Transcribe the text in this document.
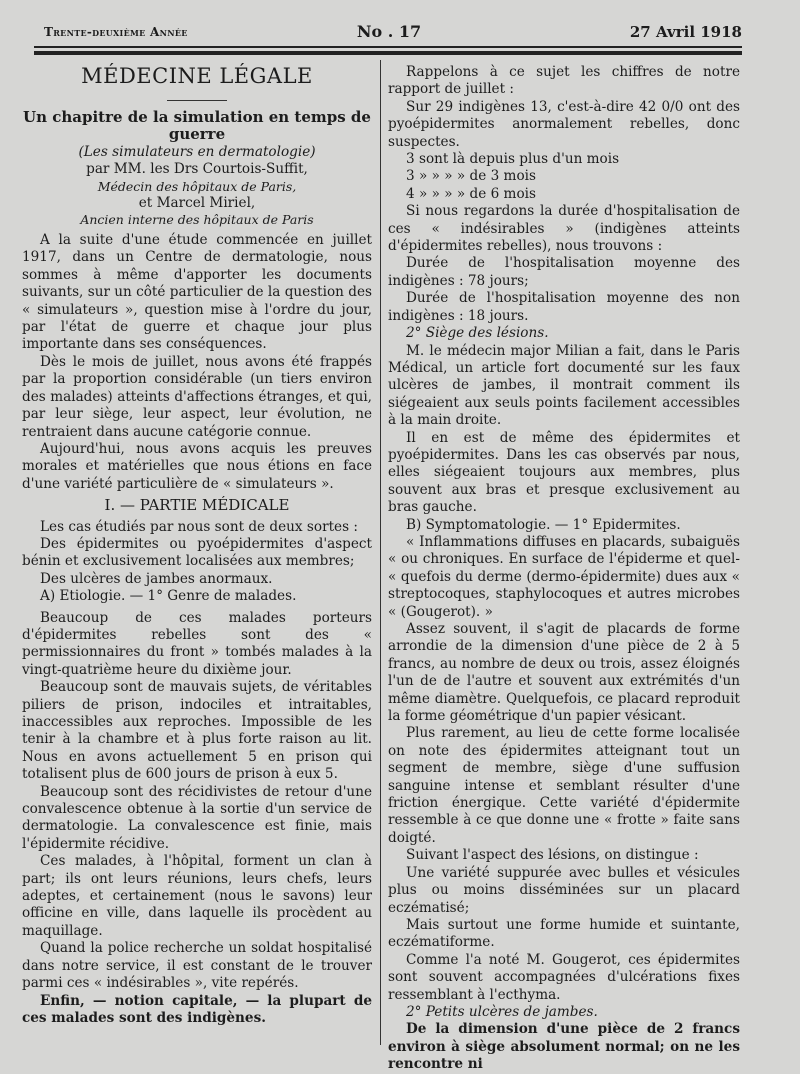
Trente-deuxième Année	No . 17	27 Avril 1918

MÉDECINE LÉGALE

Un chapitre de la simulation en temps de guerre

(Les simulateurs en dermatologie)

par MM. les Drs Courtois-Suffit,

Médecin des hôpitaux de Paris,

et Marcel Miriel,

Ancien interne des hôpitaux de Paris

A la suite d'une étude commencée en juillet 1917, dans un Centre de dermatologie, nous sommes à même d'apporter les documents suivants, sur un côté particulier de la question des « simulateurs », question mise à l'ordre du jour, par l'état de guerre et chaque jour plus importante dans ses conséquences.

Dès le mois de juillet, nous avons été frappés par la proportion considérable (un tiers environ des malades) atteints d'affections étranges, et qui, par leur siège, leur aspect, leur évolution, ne rentraient dans aucune catégorie connue.

Aujourd'hui, nous avons acquis les preuves morales et matérielles que nous étions en face d'une variété particulière de « simulateurs ».

I. — PARTIE MÉDICALE

Les cas étudiés par nous sont de deux sortes :

Des épidermites ou pyoépidermites d'aspect bénin et exclusivement localisées aux membres;

Des ulcères de jambes anormaux.

A) Etiologie. — 1° Genre de malades.

Beaucoup de ces malades porteurs d'épidermites rebelles sont des « permissionnaires du front » tombés malades à la vingt-quatrième heure du dixième jour.

Beaucoup sont de mauvais sujets, de véritables piliers de prison, indociles et intraitables, inaccessibles aux reproches. Impossible de les tenir à la chambre et à plus forte raison au lit. Nous en avons actuellement 5 en prison qui totalisent plus de 600 jours de prison à eux 5.

Beaucoup sont des récidivistes de retour d'une convalescence obtenue à la sortie d'un service de dermatologie. La convalescence est finie, mais l'épidermite récidive.

Ces malades, à l'hôpital, forment un clan à part; ils ont leurs réunions, leurs chefs, leurs adeptes, et certainement (nous le savons) leur officine en ville, dans laquelle ils procèdent au maquillage.

Quand la police recherche un soldat hospitalisé dans notre service, il est constant de le trouver parmi ces « indésirables », vite repérés.

Enfin, — notion capitale, — la plupart de ces malades sont des indigènes.

Rappelons à ce sujet les chiffres de notre rapport de juillet :

Sur 29 indigènes 13, c'est-à-dire 42 0/0 ont des pyoépidermites anormalement rebelles, donc suspectes.

3 sont là depuis plus d'un mois

3 » » » » de 3 mois

4 » » » » de 6 mois

Si nous regardons la durée d'hospitalisation de ces « indésirables » (indigènes atteints d'épidermites rebelles), nous trouvons :

Durée de l'hospitalisation moyenne des indigènes : 78 jours;

Durée de l'hospitalisation moyenne des non indigènes : 18 jours.

2° Siège des lésions.

M. le médecin major Milian a fait, dans le Paris Médical, un article fort documenté sur les faux ulcères de jambes, il montrait comment ils siégeaient aux seuls points facilement accessibles à la main droite.

Il en est de même des épidermites et pyoépidermites. Dans les cas observés par nous, elles siégeaient toujours aux membres, plus souvent aux bras et presque exclusivement au bras gauche.

B) Symptomatologie. — 1° Epidermites.

« Inflammations diffuses en placards, subaiguës « ou chroniques. En surface de l'épiderme et quel- « quefois du derme (dermo-épidermite) dues aux « streptocoques, staphylocoques et autres microbes « (Gougerot). »

Assez souvent, il s'agit de placards de forme arrondie de la dimension d'une pièce de 2 à 5 francs, au nombre de deux ou trois, assez éloignés l'un de de l'autre et souvent aux extrémités d'un même diamètre. Quelquefois, ce placard reproduit la forme géométrique d'un papier vésicant.

Plus rarement, au lieu de cette forme localisée on note des épidermites atteignant tout un segment de membre, siège d'une suffusion sanguine intense et semblant résulter d'une friction énergique. Cette variété d'épidermite ressemble à ce que donne une « frotte » faite sans doigté.

Suivant l'aspect des lésions, on distingue :

Une variété suppurée avec bulles et vésicules plus ou moins disséminées sur un placard eczématisé;

Mais surtout une forme humide et suintante, eczématiforme.

Comme l'a noté M. Gougerot, ces épidermites sont souvent accompagnées d'ulcérations fixes ressemblant à l'ecthyma.

2° Petits ulcères de jambes.

De la dimension d'une pièce de 2 francs environ à siège absolument normal; on ne les rencontre ni
